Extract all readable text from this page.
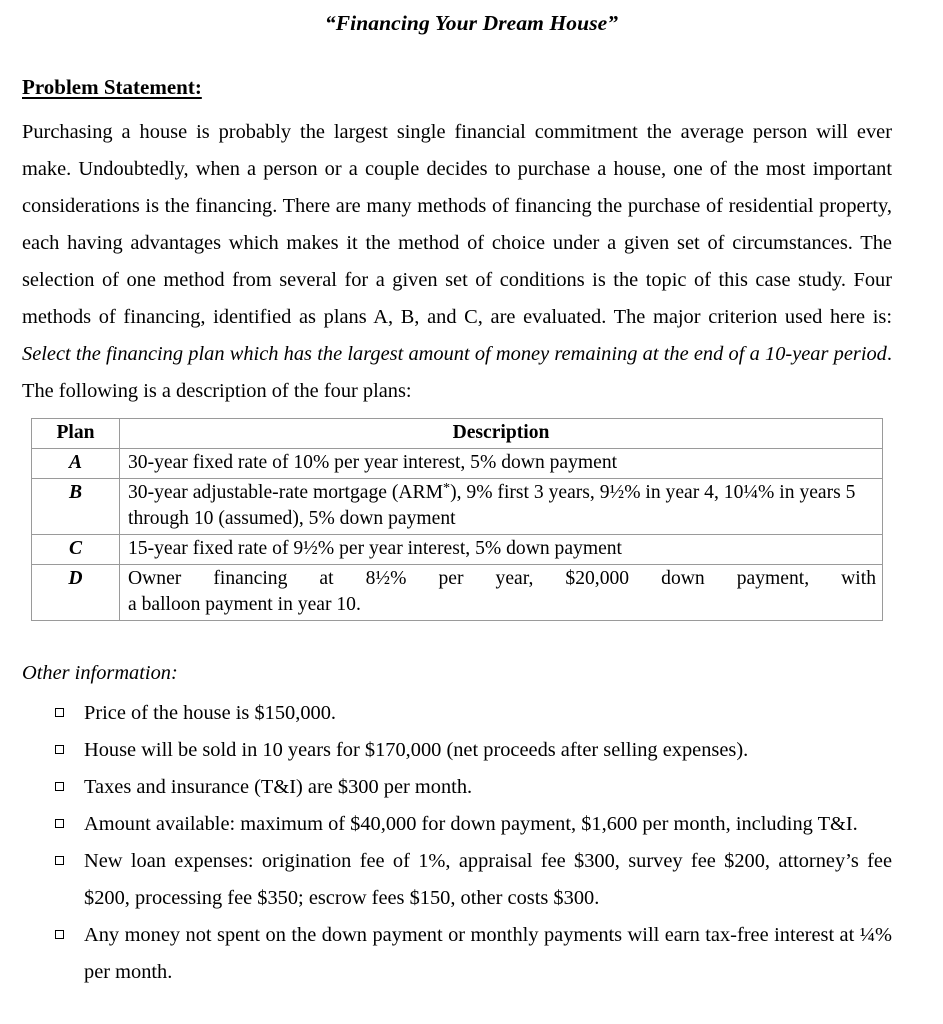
“Financing Your Dream House”
Problem Statement:

Purchasing a house is probably the largest single financial commitment the average person will ever make. Undoubtedly, when a person or a couple decides to purchase a house, one of the most important considerations is the financing. There are many methods of financing the purchase of residential property, each having advantages which makes it the method of choice under a given set of circumstances. The selection of one method from several for a given set of conditions is the topic of this case study. Four methods of financing, identified as plans A, B, and C, are evaluated. The major criterion used here is: Select the financing plan which has the largest amount of money remaining at the end of a 10-year period. The following is a description of the four plans:

Plan	Description
A	30-year fixed rate of 10% per year interest, 5% down payment
B	30-year adjustable-rate mortgage (ARM*), 9% first 3 years, 9½% in year 4, 10¼% in years 5 through 10 (assumed), 5% down payment
C	15-year fixed rate of 9½% per year interest, 5% down payment
D	Owner financing at 8½% per year, $20,000 down payment, with
a balloon payment in year 10.
Other information:
Price of the house is $150,000.
House will be sold in 10 years for $170,000 (net proceeds after selling expenses).
Taxes and insurance (T&I) are $300 per month.
Amount available: maximum of $40,000 for down payment, $1,600 per month, including T&I.
New loan expenses: origination fee of 1%, appraisal fee $300, survey fee $200, attorney’s fee $200, processing fee $350; escrow fees $150, other costs $300.
Any money not spent on the down payment or monthly payments will earn tax-free interest at ¼% per month.
